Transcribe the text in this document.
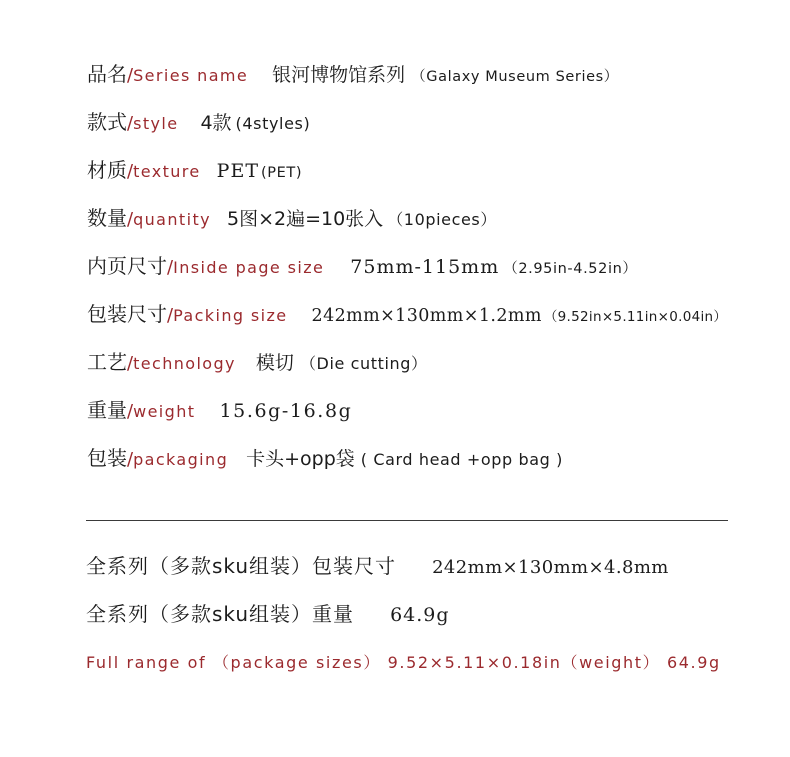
品名 / Series name 银河博物馆系列 （Galaxy Museum Series）
款式 / style 4款 (4styles)
材质 / texture PET (PET)
数量 / quantity 5图×2遍=10张入 （10pieces）
内页尺寸 / Inside page size 75mm-115mm （2.95in-4.52in）
包装尺寸 / Packing size 242mm×130mm×1.2mm （9.52in×5.11in×0.04in）
工艺 / technology 模切 （Die cutting）
重量 / weight 15.6g-16.8g
包装 / packaging 卡头+opp袋 ( Card head +opp bag )
全系列（多款sku组装）包装尺寸 242mm×130mm×4.8mm
全系列（多款sku组装）重量 64.9g
Full range of （package sizes） 9.52×5.11×0.18in（weight） 64.9g
